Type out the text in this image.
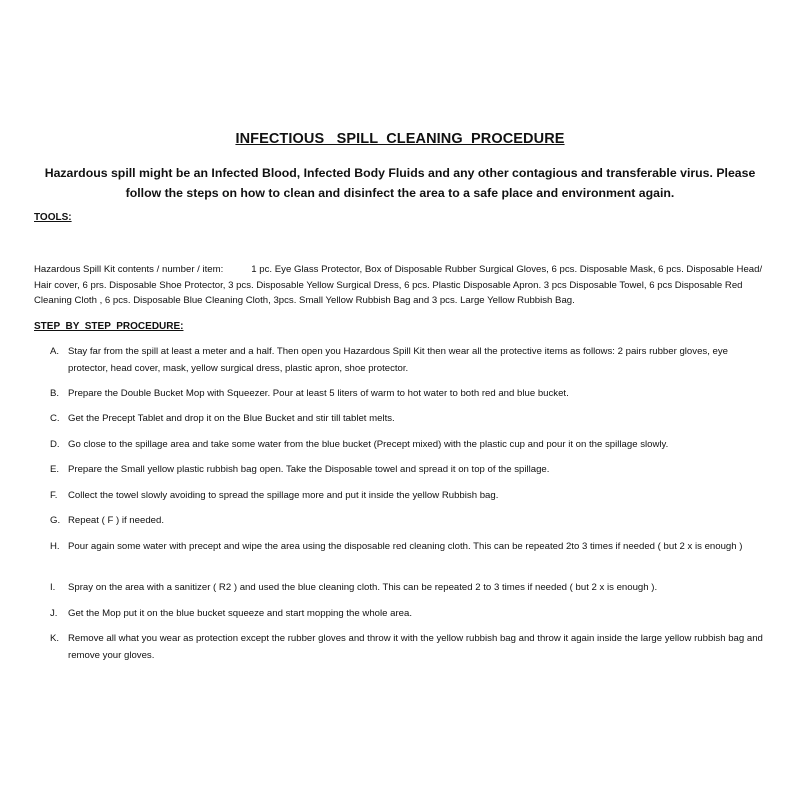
INFECTIOUS   SPILL  CLEANING  PROCEDURE
Hazardous spill might be an Infected Blood, Infected Body Fluids and any other contagious and transferable virus. Please follow the steps on how to clean and disinfect the area to a safe place and environment again.
TOOLS:
Hazardous Spill Kit contents / number / item:	1 pc. Eye Glass Protector, Box of Disposable Rubber Surgical Gloves, 6 pcs. Disposable Mask, 6 pcs. Disposable Head/ Hair cover, 6 prs. Disposable Shoe Protector, 3 pcs. Disposable Yellow Surgical Dress, 6 pcs. Plastic Disposable Apron. 3 pcs Disposable Towel, 6 pcs Disposable Red Cleaning Cloth , 6 pcs. Disposable Blue Cleaning Cloth, 3pcs. Small Yellow Rubbish Bag and 3 pcs. Large Yellow Rubbish Bag.
STEP  BY  STEP  PROCEDURE:
A. Stay far from the spill at least a meter and a half. Then open you Hazardous Spill Kit then wear all the protective items as follows: 2 pairs rubber gloves, eye protector, head cover, mask, yellow surgical dress, plastic apron, shoe protector.
B. Prepare the Double Bucket Mop with Squeezer. Pour at least 5 liters of warm to hot water to both red and blue bucket.
C. Get the Precept Tablet and drop it on the Blue Bucket and stir till tablet melts.
D. Go close to the spillage area and take some water from the blue bucket (Precept mixed) with the plastic cup and pour it on the spillage slowly.
E. Prepare the Small yellow plastic rubbish bag open. Take the Disposable towel and spread it on top of the spillage.
F.	Collect the towel slowly avoiding to spread the spillage more and put it inside the yellow Rubbish bag.
G. Repeat ( F ) if needed.
H. Pour again some water with precept and wipe the area using the disposable red cleaning cloth. This can be repeated 2to 3 times if needed ( but 2 x is enough )
I.	Spray on the area with a sanitizer ( R2 ) and used the blue cleaning cloth. This can be repeated 2 to 3 times if needed ( but 2 x is enough ).
J.	Get the Mop put it on the blue bucket squeeze and start mopping the whole area.
K. Remove all what you wear as protection except the rubber gloves and throw it with the yellow rubbish bag and throw it again inside the large yellow rubbish bag and remove your gloves.
